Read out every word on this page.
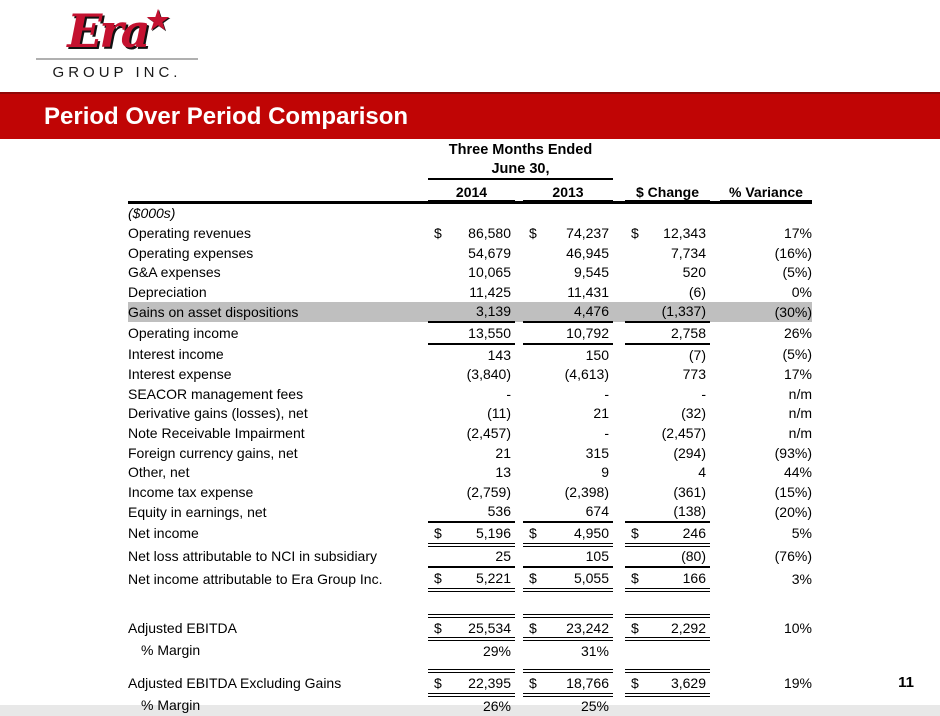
Era★
GROUP INC.
Period Over Period Comparison
Three Months Ended
June 30,
	2014		2013		$ Change		% Variance

($000s)	

Operating revenues	$ 86,580		$ 74,237		$ 12,343		17%
Operating expenses	54,679		46,945		7,734		(16%)
G&A expenses	10,065		9,545		520		(5%)
Depreciation	11,425		11,431		(6)		0%
Gains on asset dispositions	3,139		4,476		(1,337)		(30%)
Operating income	13,550		10,792		2,758		26%
Interest income	143		150		(7)		(5%)
Interest expense	(3,840)		(4,613)		773		17%
SEACOR management fees	-		-		-		n/m
Derivative gains (losses), net	(11)		21		(32)		n/m
Note Receivable Impairment	(2,457)		-		(2,457)		n/m
Foreign currency gains, net	21		315		(294)		(93%)
Other, net	13		9		4		44%
Income tax expense	(2,759)		(2,398)		(361)		(15%)
Equity in earnings, net	536		674		(138)		(20%)
Net income	$ 5,196		$ 4,950		$ 246		5%
Net loss attributable to NCI in subsidiary	25		105		(80)		(76%)
Net income attributable to Era Group Inc.	$ 5,221		$ 5,055		$ 166		3%

Adjusted EBITDA	$ 25,534		$ 23,242		$ 2,292		10%
% Margin	29%		31%				

Adjusted EBITDA Excluding Gains	$ 22,395		$ 18,766		$ 3,629		19%
% Margin	26%		25%				

11
